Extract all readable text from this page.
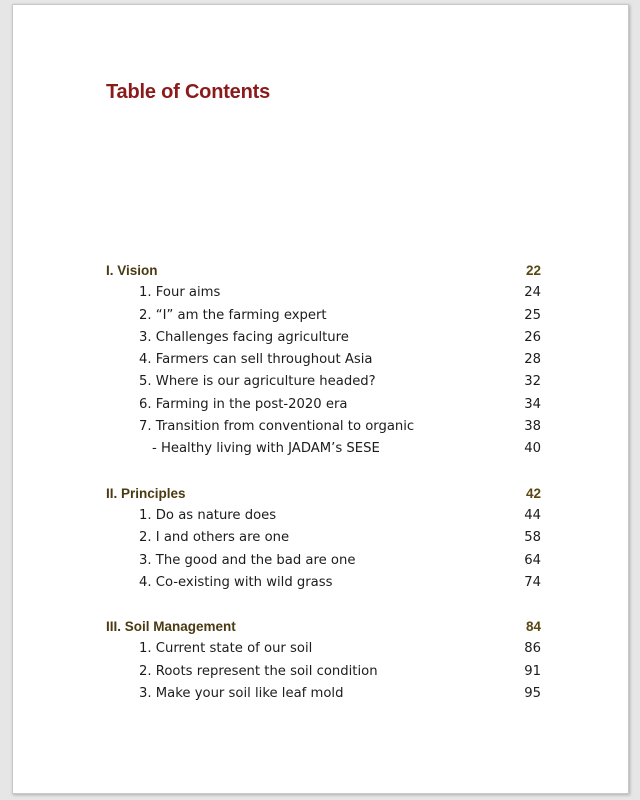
Table of Contents
I. Vision	22
1. Four aims	24
2. “I” am the farming expert	25
3. Challenges facing agriculture	26
4. Farmers can sell throughout Asia	28
5. Where is our agriculture headed?	32
6. Farming in the post-2020 era	34
7. Transition from conventional to organic	38
- Healthy living with JADAM’s SESE	40
II. Principles	42
1. Do as nature does	44
2. I and others are one	58
3. The good and the bad are one	64
4. Co-existing with wild grass	74
III. Soil Management	84
1. Current state of our soil	86
2. Roots represent the soil condition	91
3. Make your soil like leaf mold	95
